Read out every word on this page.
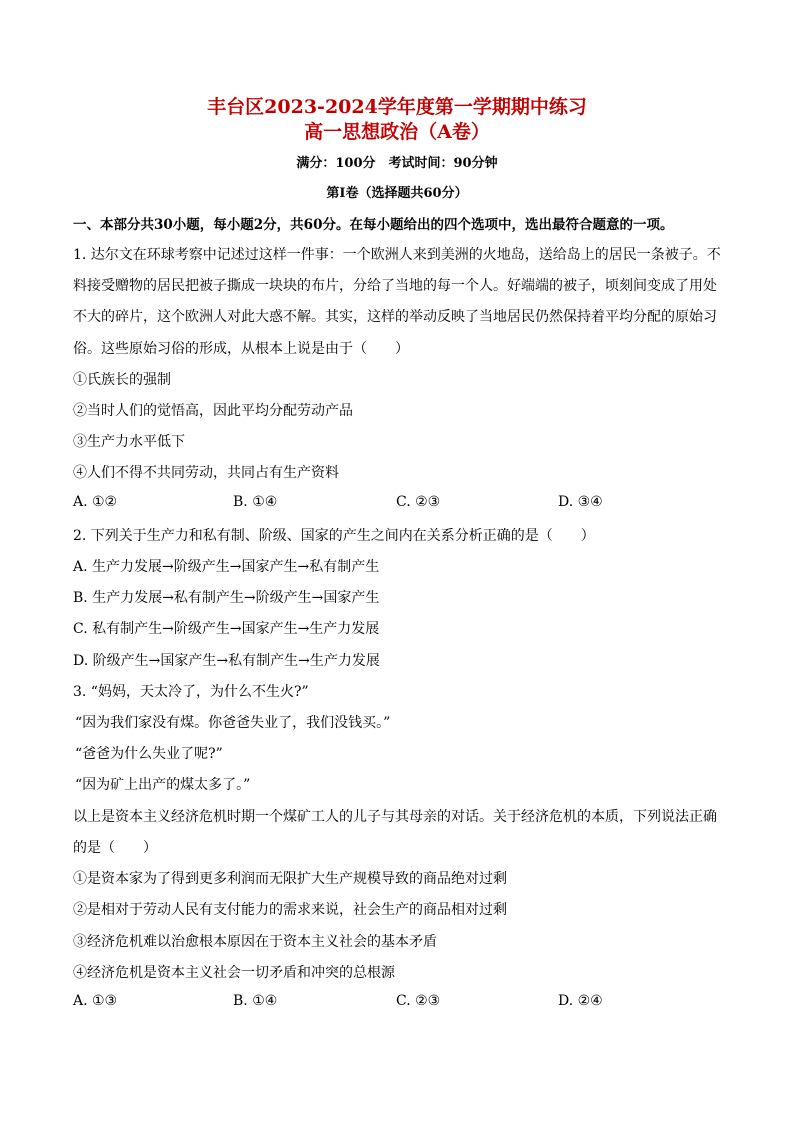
丰台区2023-2024学年度第一学期期中练习
高一思想政治（A卷）
满分：100分　考试时间：90分钟
第I卷（选择题共60分）
一、本部分共30小题，每小题2分，共60分。在每小题给出的四个选项中，选出最符合题意的一项。
1. 达尔文在环球考察中记述过这样一件事：一个欧洲人来到美洲的火地岛，送给岛上的居民一条被子。不
料接受赠物的居民把被子撕成一块块的布片，分给了当地的每一个人。好端端的被子，顷刻间变成了用处
不大的碎片，这个欧洲人对此大惑不解。其实，这样的举动反映了当地居民仍然保持着平均分配的原始习
俗。这些原始习俗的形成，从根本上说是由于（　　）
①氏族长的强制
②当时人们的觉悟高，因此平均分配劳动产品
③生产力水平低下
④人们不得不共同劳动，共同占有生产资料
A. ①②	B. ①④	C. ②③	D. ③④
2. 下列关于生产力和私有制、阶级、国家的产生之间内在关系分析正确的是（　　）
A. 生产力发展→阶级产生→国家产生→私有制产生
B. 生产力发展→私有制产生→阶级产生→国家产生
C. 私有制产生→阶级产生→国家产生→生产力发展
D. 阶级产生→国家产生→私有制产生→生产力发展
3. “妈妈，天太冷了，为什么不生火?”
“因为我们家没有煤。你爸爸失业了，我们没钱买。”
“爸爸为什么失业了呢?”
“因为矿上出产的煤太多了。”
以上是资本主义经济危机时期一个煤矿工人的儿子与其母亲的对话。关于经济危机的本质，下列说法正确
的是（　　）
①是资本家为了得到更多利润而无限扩大生产规模导致的商品绝对过剩
②是相对于劳动人民有支付能力的需求来说，社会生产的商品相对过剩
③经济危机难以治愈根本原因在于资本主义社会的基本矛盾
④经济危机是资本主义社会一切矛盾和冲突的总根源
A. ①③	B. ①④	C. ②③	D. ②④
